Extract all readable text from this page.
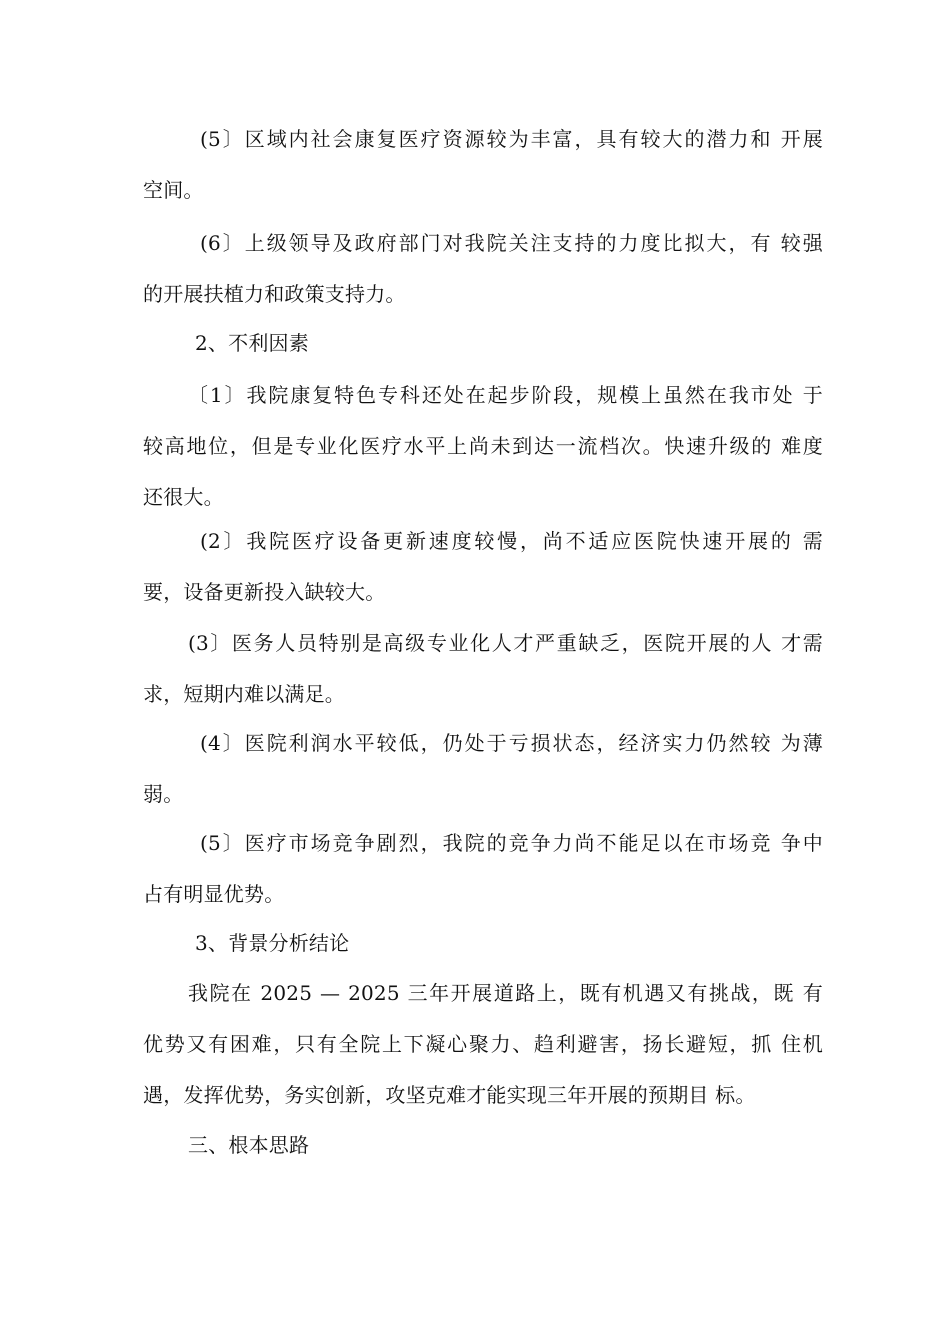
(5〕区域内社会康复医疗资源较为丰富，具有较大的潜力和 开展
空间。
(6〕上级领导及政府部门对我院关注支持的力度比拟大，有 较强
的开展扶植力和政策支持力。
2、不利因素
〔1〕我院康复特色专科还处在起步阶段，规模上虽然在我市处 于
较高地位，但是专业化医疗水平上尚未到达一流档次。快速升级的 难度
还很大。
(2〕我院医疗设备更新速度较慢，尚不适应医院快速开展的 需
要，设备更新投入缺较大。
(3〕医务人员特别是高级专业化人才严重缺乏，医院开展的人 才需
求，短期内难以满足。
(4〕医院利润水平较低，仍处于亏损状态，经济实力仍然较 为薄
弱。
(5〕医疗市场竞争剧烈，我院的竞争力尚不能足以在市场竞 争中
占有明显优势。
3、背景分析结论
我院在 2025 — 2025 三年开展道路上，既有机遇又有挑战，既 有
优势又有困难，只有全院上下凝心聚力、趋利避害，扬长避短，抓 住机
遇，发挥优势，务实创新，攻坚克难才能实现三年开展的预期目 标。
三、根本思路
